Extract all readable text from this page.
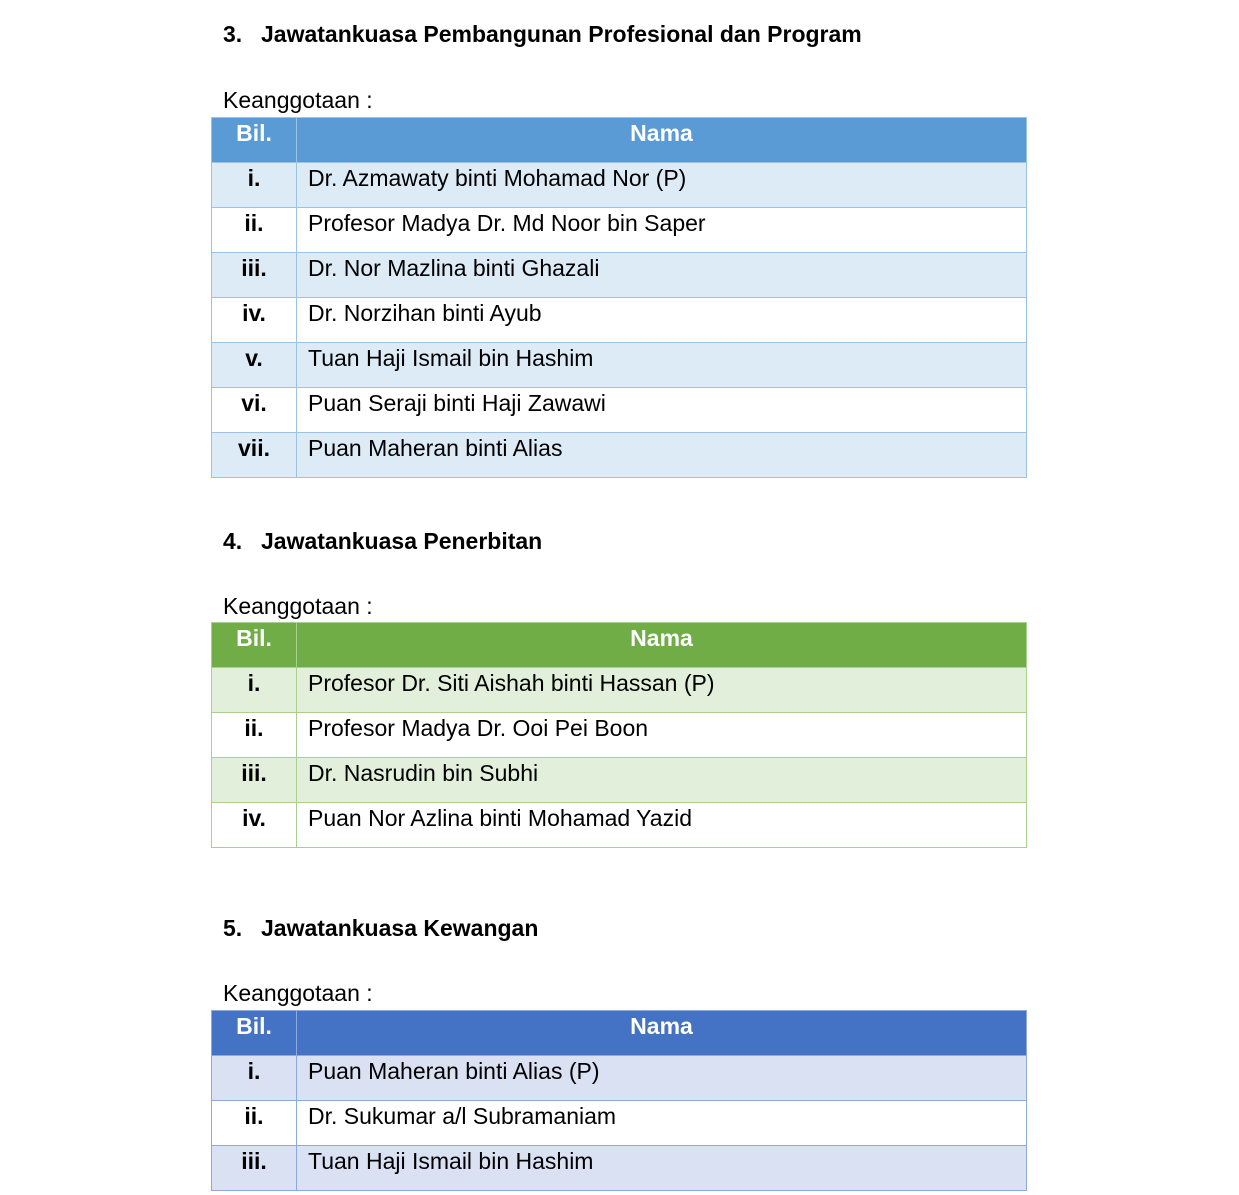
3. Jawatankuasa Pembangunan Profesional dan Program
Keanggotaan :
Bil.	Nama
i.	Dr. Azmawaty binti Mohamad Nor (P)
ii.	Profesor Madya Dr. Md Noor bin Saper
iii.	Dr. Nor Mazlina binti Ghazali
iv.	Dr. Norzihan binti Ayub
v.	Tuan Haji Ismail bin Hashim
vi.	Puan Seraji binti Haji Zawawi
vii.	Puan Maheran binti Alias
4. Jawatankuasa Penerbitan
Keanggotaan :
Bil.	Nama
i.	Profesor Dr. Siti Aishah binti Hassan (P)
ii.	Profesor Madya Dr. Ooi Pei Boon
iii.	Dr. Nasrudin bin Subhi
iv.	Puan Nor Azlina binti Mohamad Yazid
5. Jawatankuasa Kewangan
Keanggotaan :
Bil.	Nama
i.	Puan Maheran binti Alias (P)
ii.	Dr. Sukumar a/l Subramaniam
iii.	Tuan Haji Ismail bin Hashim
